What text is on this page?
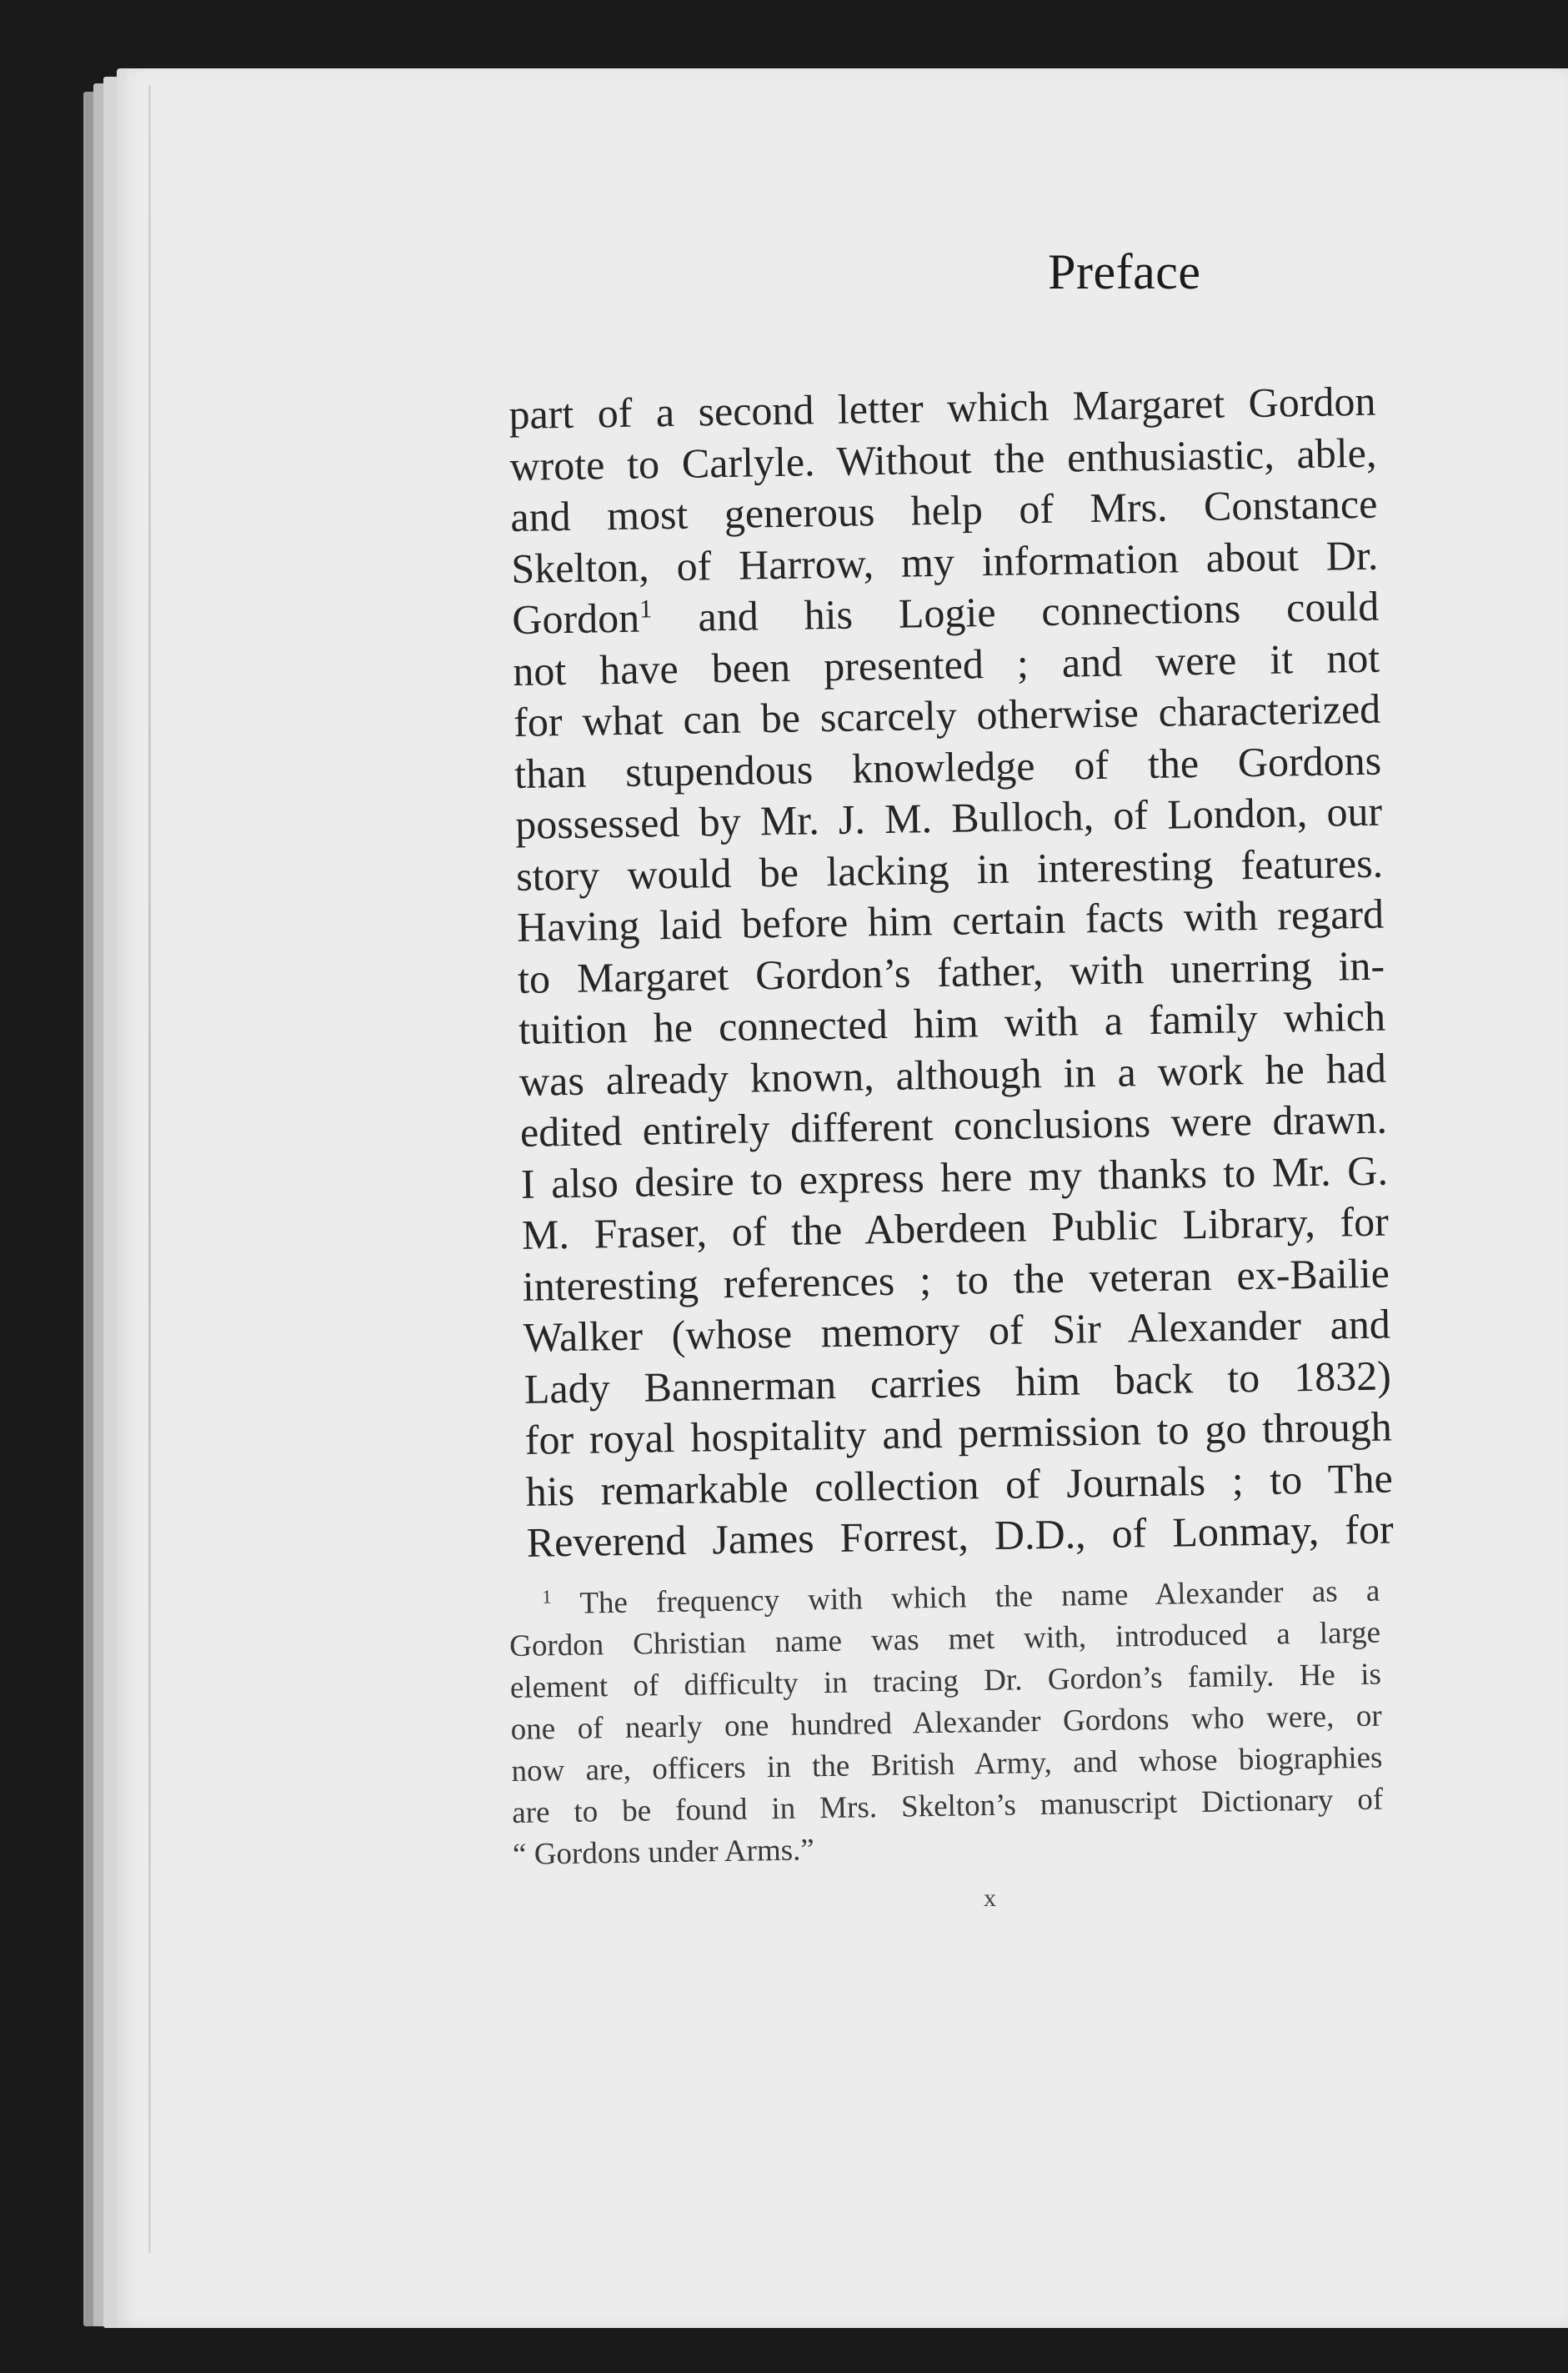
Preface
part of a second letter which Margaret Gordon
wrote to Carlyle. Without the enthusiastic, able,
and most generous help of Mrs. Constance
Skelton, of Harrow, my information about Dr.
Gordon$^1$ and his Logie connections could
not have been presented ; and were it not
for what can be scarcely otherwise characterized
than stupendous knowledge of the Gordons
possessed by Mr. J. M. Bulloch, of London, our
story would be lacking in interesting features.
Having laid before him certain facts with regard
to Margaret Gordon’s father, with unerring in-
tuition he connected him with a family which
was already known, although in a work he had
edited entirely different conclusions were drawn.
I also desire to express here my thanks to Mr. G.
M. Fraser, of the Aberdeen Public Library, for
interesting references ; to the veteran ex-Bailie
Walker (whose memory of Sir Alexander and
Lady Bannerman carries him back to 1832)
for royal hospitality and permission to go through
his remarkable collection of Journals ; to The
Reverend James Forrest, D.D., of Lonmay, for
$^1$ The frequency with which the name Alexander as a
Gordon Christian name was met with, introduced a large
element of difficulty in tracing Dr. Gordon’s family. He is
one of nearly one hundred Alexander Gordons who were, or
now are, officers in the British Army, and whose biographies
are to be found in Mrs. Skelton’s manuscript Dictionary of
“ Gordons under Arms.”
x
